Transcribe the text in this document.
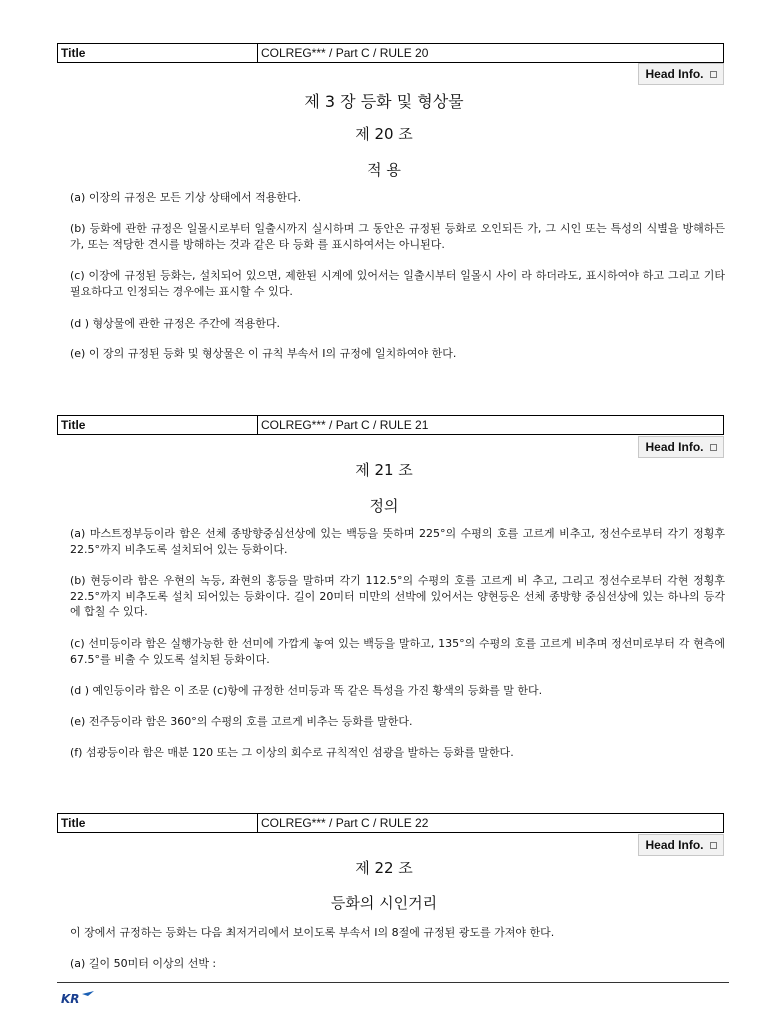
Title	COLREG*** / Part C / RULE 20
Head Info.
제 3 장 등화 및 형상물
제 20 조
적 용
(a) 이장의 규정은 모든 기상 상태에서 적용한다.
(b) 등화에 관한 규정은 일몰시로부터 일출시까지 실시하며 그 동안은 규정된 등화로 오인되든 가, 그 시인 또는 특성의 식별을 방해하든가, 또는 적당한 견시를 방해하는 것과 같은 타 등화 를 표시하여서는 아니된다.
(c) 이장에 규정된 등화는, 설치되어 있으면, 제한된 시계에 있어서는 일출시부터 일몰시 사이 라 하더라도, 표시하여야 하고 그리고 기타 필요하다고 인정되는 경우에는 표시할 수 있다.
(d ) 형상물에 관한 규정은 주간에 적용한다.
(e) 이 장의 규정된 등화 및 형상물은 이 규칙 부속서 I의 규정에 일치하여야 한다.
Title	COLREG*** / Part C / RULE 21
Head Info.
제 21 조
정의
(a) 마스트정부등이라 함은 선체 종방향중심선상에 있는 백등을 뜻하며 225°의 수평의 호를 고르게 비추고, 정선수로부터 각기 정횡후 22.5°까지 비추도록 설치되어 있는 등화이다.
(b) 현등이라 함은 우현의 녹등, 좌현의 홍등을 말하며 각기 112.5°의 수평의 호를 고르게 비 추고, 그리고 정선수로부터 각현 정횡후 22.5°까지 비추도록 설치 되어있는 등화이다. 길이 20미터 미만의 선박에 있어서는 양현등은 선체 종방향 중심선상에 있는 하나의 등각에 합칠 수 있다.
(c) 선미등이라 함은 실행가능한 한 선미에 가깝게 놓여 있는 백등을 말하고, 135°의 수평의 호를 고르게 비추며 정선미로부터 각 현측에 67.5°를 비출 수 있도록 설치된 등화이다.
(d ) 예인등이라 함은 이 조문 (c)항에 규정한 선미등과 똑 같은 특성을 가진 황색의 등화를 말 한다.
(e) 전주등이라 함은 360°의 수평의 호를 고르게 비추는 등화를 말한다.
(f) 섬광등이라 함은 매분 120 또는 그 이상의 회수로 규칙적인 섬광을 발하는 등화를 말한다.
Title	COLREG*** / Part C / RULE 22
Head Info.
제 22 조
등화의 시인거리
이 장에서 규정하는 등화는 다음 최저거리에서 보이도록 부속서 Ⅰ의 8절에 규정된 광도를 가져야 한다.
(a) 길이 50미터 이상의 선박 :
KR
